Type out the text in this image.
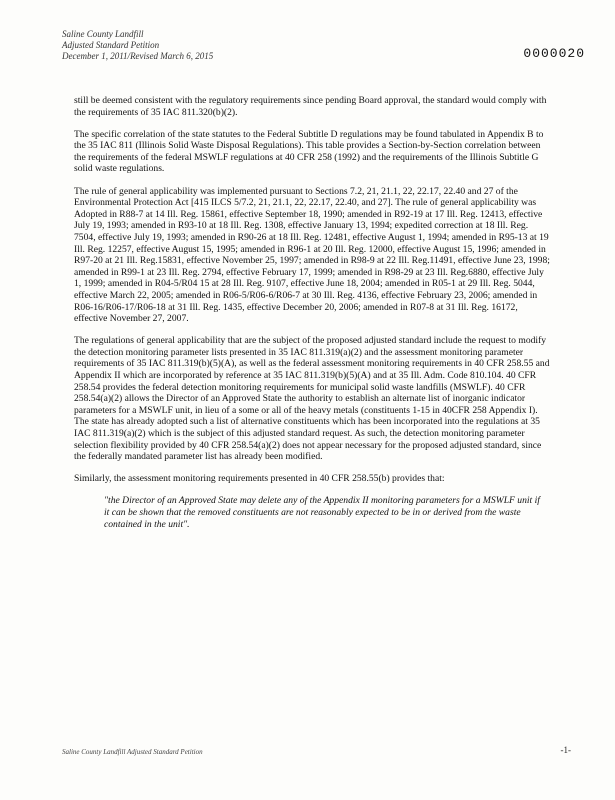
Saline County Landfill
Adjusted Standard Petition
December 1, 2011/Revised March 6, 2015	0000020

still be deemed consistent with the regulatory requirements since pending Board approval, the standard would comply with the requirements of 35 IAC 811.320(b)(2).

The specific correlation of the state statutes to the Federal Subtitle D regulations may be found tabulated in Appendix B to the 35 IAC 811 (Illinois Solid Waste Disposal Regulations). This table provides a Section-by-Section correlation between the requirements of the federal MSWLF regulations at 40 CFR 258 (1992) and the requirements of the Illinois Subtitle G solid waste regulations.

The rule of general applicability was implemented pursuant to Sections 7.2, 21, 21.1, 22, 22.17, 22.40 and 27 of the Environmental Protection Act [415 ILCS 5/7.2, 21, 21.1, 22, 22.17, 22.40, and 27]. The rule of general applicability was Adopted in R88-7 at 14 Ill. Reg. 15861, effective September 18, 1990; amended in R92-19 at 17 Ill. Reg. 12413, effective July 19, 1993; amended in R93-10 at 18 Ill. Reg. 1308, effective January 13, 1994; expedited correction at 18 Ill. Reg. 7504, effective July 19, 1993; amended in R90-26 at 18 Ill. Reg. 12481, effective August 1, 1994; amended in R95-13 at 19 Ill. Reg. 12257, effective August 15, 1995; amended in R96-1 at 20 Ill. Reg. 12000, effective August 15, 1996; amended in R97-20 at 21 Ill. Reg.15831, effective November 25, 1997; amended in R98-9 at 22 Ill. Reg.11491, effective June 23, 1998; amended in R99-1 at 23 Ill. Reg. 2794, effective February 17, 1999; amended in R98-29 at 23 Ill. Reg.6880, effective July 1, 1999; amended in R04-5/R04 15 at 28 Ill. Reg. 9107, effective June 18, 2004; amended in R05-1 at 29 Ill. Reg. 5044, effective March 22, 2005; amended in R06-5/R06-6/R06-7 at 30 Ill. Reg. 4136, effective February 23, 2006; amended in R06-16/R06-17/R06-18 at 31 Ill. Reg. 1435, effective December 20, 2006; amended in R07-8 at 31 Ill. Reg. 16172, effective November 27, 2007.

The regulations of general applicability that are the subject of the proposed adjusted standard include the request to modify the detection monitoring parameter lists presented in 35 IAC 811.319(a)(2) and the assessment monitoring parameter requirements of 35 IAC 811.319(b)(5)(A), as well as the federal assessment monitoring requirements in 40 CFR 258.55 and Appendix II which are incorporated by reference at 35 IAC 811.319(b)(5)(A) and at 35 Ill. Adm. Code 810.104. 40 CFR 258.54 provides the federal detection monitoring requirements for municipal solid waste landfills (MSWLF). 40 CFR 258.54(a)(2) allows the Director of an Approved State the authority to establish an alternate list of inorganic indicator parameters for a MSWLF unit, in lieu of a some or all of the heavy metals (constituents 1-15 in 40CFR 258 Appendix I). The state has already adopted such a list of alternative constituents which has been incorporated into the regulations at 35 IAC 811.319(a)(2) which is the subject of this adjusted standard request. As such, the detection monitoring parameter selection flexibility provided by 40 CFR 258.54(a)(2) does not appear necessary for the proposed adjusted standard, since the federally mandated parameter list has already been modified.

Similarly, the assessment monitoring requirements presented in 40 CFR 258.55(b) provides that:

"the Director of an Approved State may delete any of the Appendix II monitoring parameters for a MSWLF unit if it can be shown that the removed constituents are not reasonably expected to be in or derived from the waste contained in the unit".

Saline County Landfill Adjusted Standard Petition	-1-
